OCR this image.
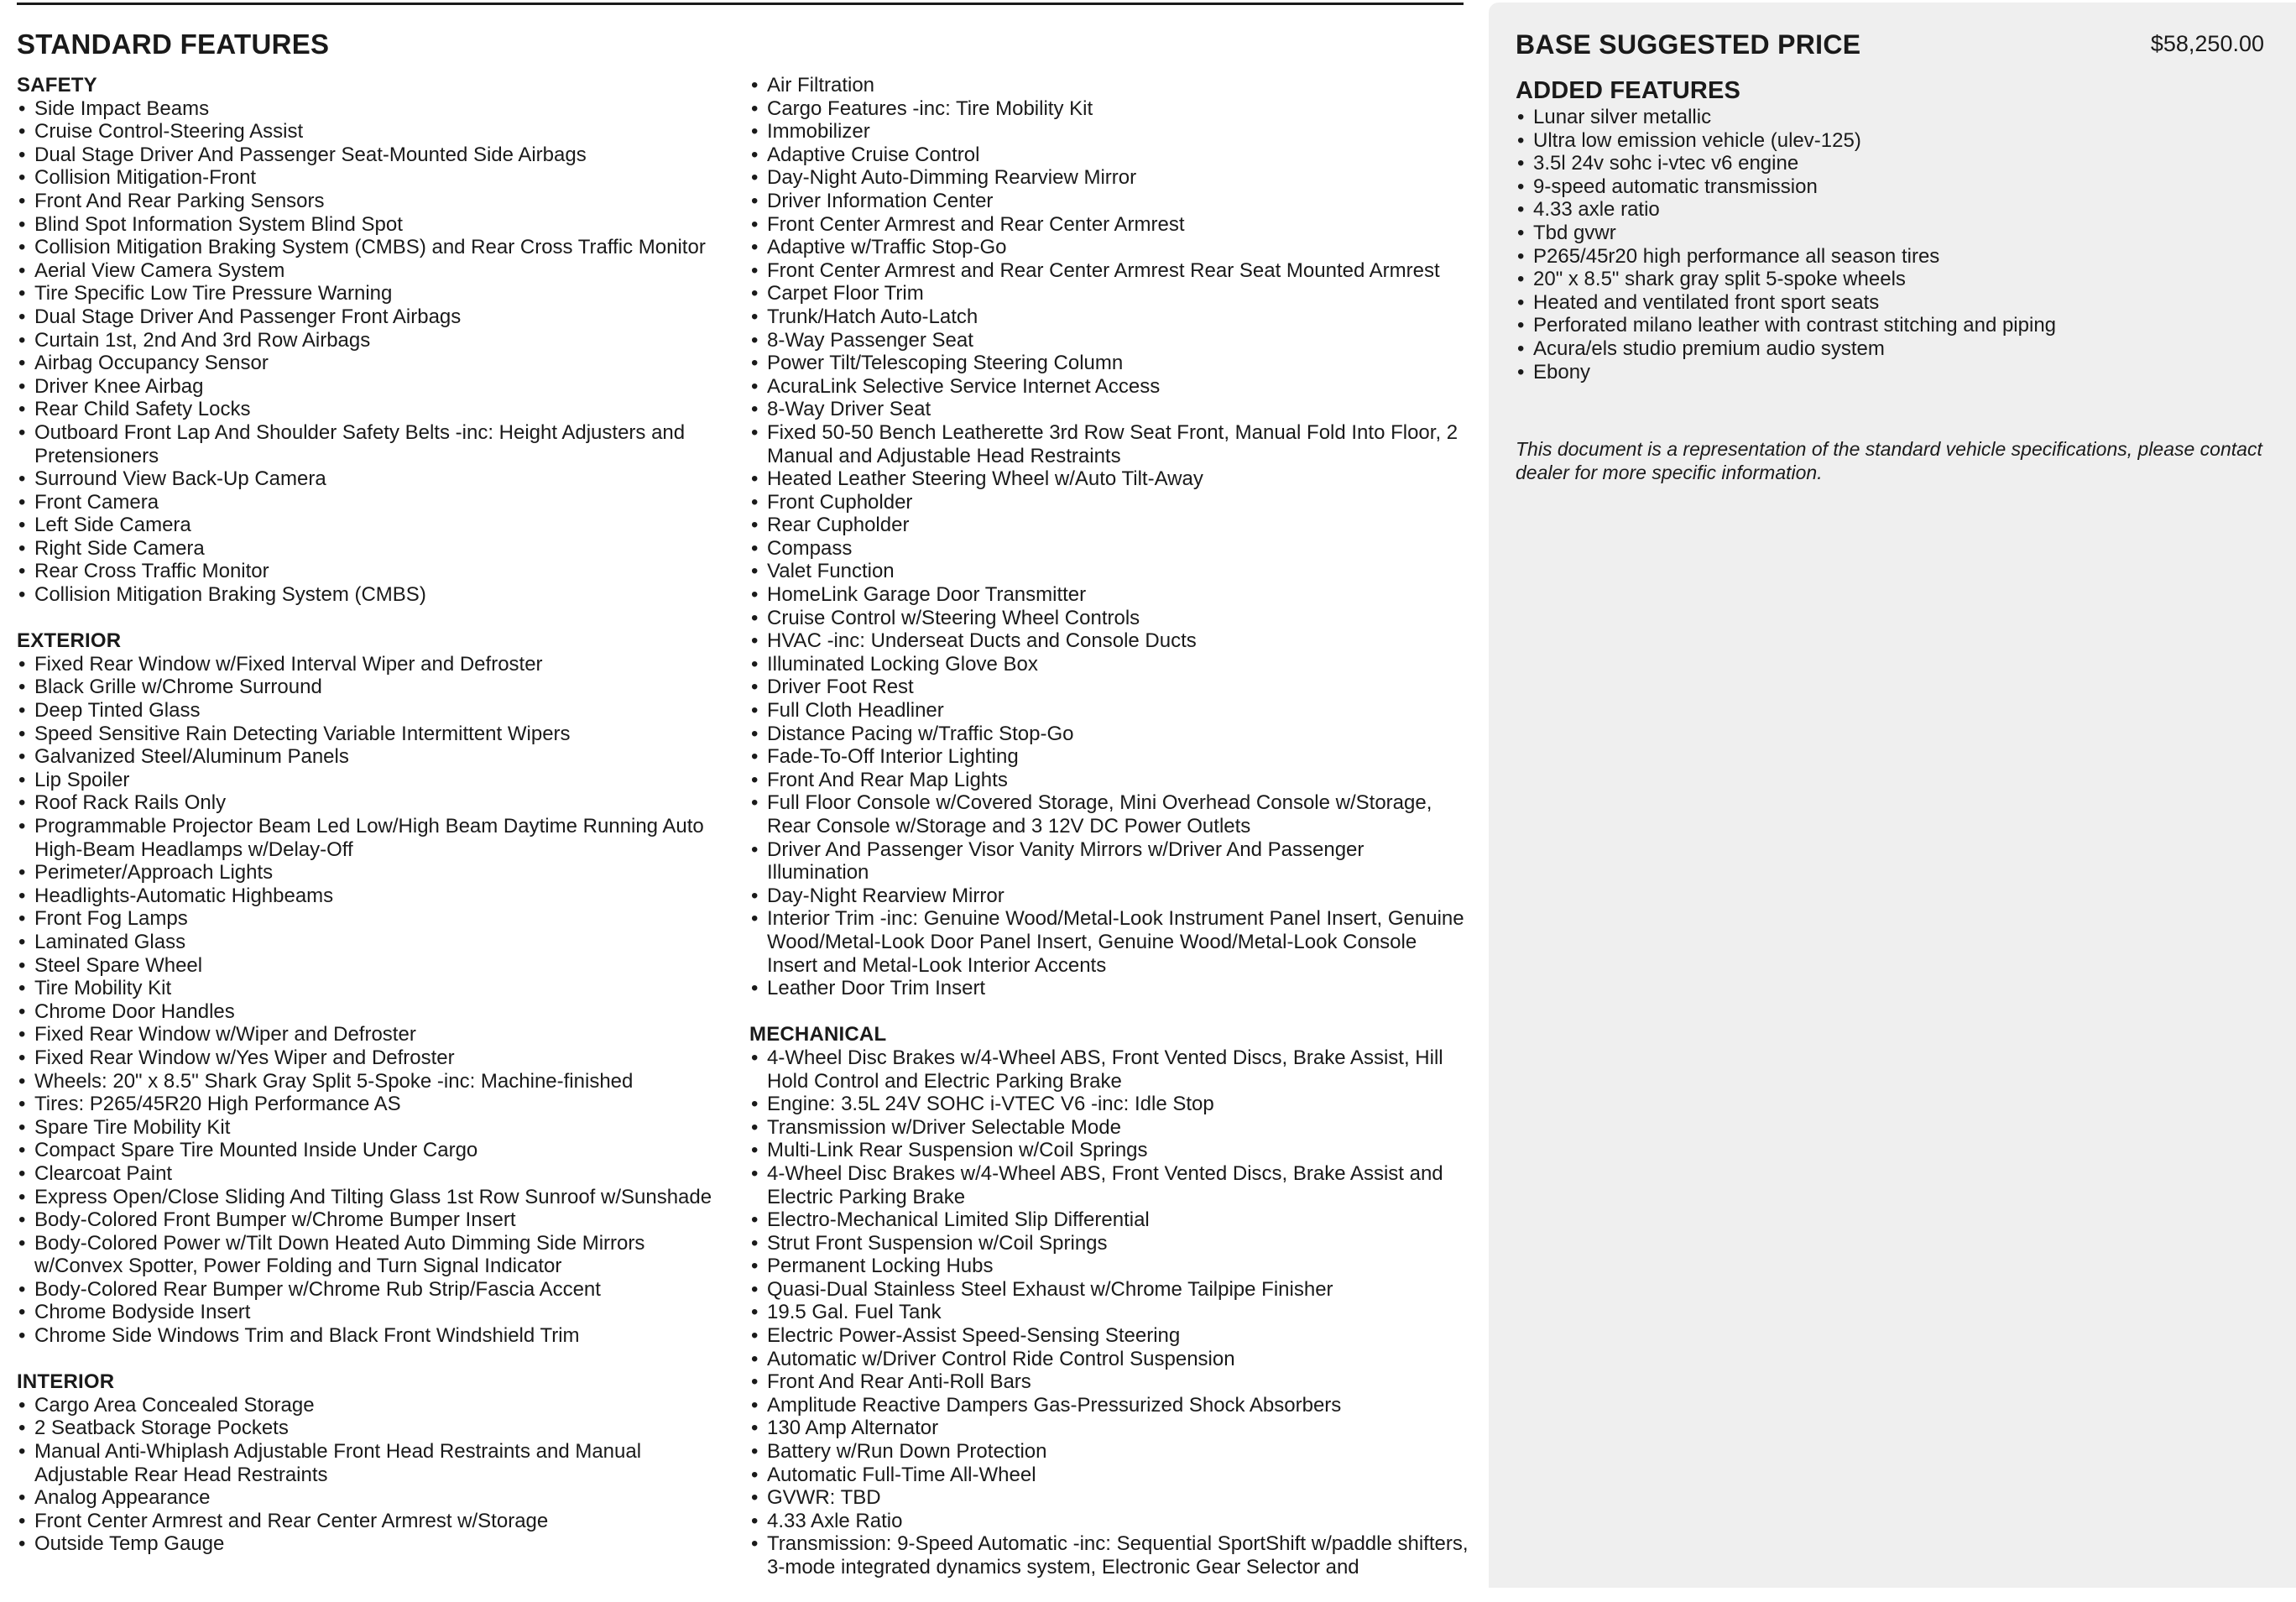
STANDARD FEATURES
SAFETY
• Side Impact Beams
• Cruise Control-Steering Assist
• Dual Stage Driver And Passenger Seat-Mounted Side Airbags
• Collision Mitigation-Front
• Front And Rear Parking Sensors
• Blind Spot Information System Blind Spot
• Collision Mitigation Braking System (CMBS) and Rear Cross Traffic Monitor
• Aerial View Camera System
• Tire Specific Low Tire Pressure Warning
• Dual Stage Driver And Passenger Front Airbags
• Curtain 1st, 2nd And 3rd Row Airbags
• Airbag Occupancy Sensor
• Driver Knee Airbag
• Rear Child Safety Locks
• Outboard Front Lap And Shoulder Safety Belts -inc: Height Adjusters and Pretensioners
• Surround View Back-Up Camera
• Front Camera
• Left Side Camera
• Right Side Camera
• Rear Cross Traffic Monitor
• Collision Mitigation Braking System (CMBS)
EXTERIOR
• Fixed Rear Window w/Fixed Interval Wiper and Defroster
• Black Grille w/Chrome Surround
• Deep Tinted Glass
• Speed Sensitive Rain Detecting Variable Intermittent Wipers
• Galvanized Steel/Aluminum Panels
• Lip Spoiler
• Roof Rack Rails Only
• Programmable Projector Beam Led Low/High Beam Daytime Running Auto High-Beam Headlamps w/Delay-Off
• Perimeter/Approach Lights
• Headlights-Automatic Highbeams
• Front Fog Lamps
• Laminated Glass
• Steel Spare Wheel
• Tire Mobility Kit
• Chrome Door Handles
• Fixed Rear Window w/Wiper and Defroster
• Fixed Rear Window w/Yes Wiper and Defroster
• Wheels: 20" x 8.5" Shark Gray Split 5-Spoke -inc: Machine-finished
• Tires: P265/45R20 High Performance AS
• Spare Tire Mobility Kit
• Compact Spare Tire Mounted Inside Under Cargo
• Clearcoat Paint
• Express Open/Close Sliding And Tilting Glass 1st Row Sunroof w/Sunshade
• Body-Colored Front Bumper w/Chrome Bumper Insert
• Body-Colored Power w/Tilt Down Heated Auto Dimming Side Mirrors w/Convex Spotter, Power Folding and Turn Signal Indicator
• Body-Colored Rear Bumper w/Chrome Rub Strip/Fascia Accent
• Chrome Bodyside Insert
• Chrome Side Windows Trim and Black Front Windshield Trim
INTERIOR
• Cargo Area Concealed Storage
• 2 Seatback Storage Pockets
• Manual Anti-Whiplash Adjustable Front Head Restraints and Manual Adjustable Rear Head Restraints
• Analog Appearance
• Front Center Armrest and Rear Center Armrest w/Storage
• Outside Temp Gauge
• Air Filtration
• Cargo Features -inc: Tire Mobility Kit
• Immobilizer
• Adaptive Cruise Control
• Day-Night Auto-Dimming Rearview Mirror
• Driver Information Center
• Front Center Armrest and Rear Center Armrest
• Adaptive w/Traffic Stop-Go
• Front Center Armrest and Rear Center Armrest Rear Seat Mounted Armrest
• Carpet Floor Trim
• Trunk/Hatch Auto-Latch
• 8-Way Passenger Seat
• Power Tilt/Telescoping Steering Column
• AcuraLink Selective Service Internet Access
• 8-Way Driver Seat
• Fixed 50-50 Bench Leatherette 3rd Row Seat Front, Manual Fold Into Floor, 2 Manual and Adjustable Head Restraints
• Heated Leather Steering Wheel w/Auto Tilt-Away
• Front Cupholder
• Rear Cupholder
• Compass
• Valet Function
• HomeLink Garage Door Transmitter
• Cruise Control w/Steering Wheel Controls
• HVAC -inc: Underseat Ducts and Console Ducts
• Illuminated Locking Glove Box
• Driver Foot Rest
• Full Cloth Headliner
• Distance Pacing w/Traffic Stop-Go
• Fade-To-Off Interior Lighting
• Front And Rear Map Lights
• Full Floor Console w/Covered Storage, Mini Overhead Console w/Storage, Rear Console w/Storage and 3 12V DC Power Outlets
• Driver And Passenger Visor Vanity Mirrors w/Driver And Passenger Illumination
• Day-Night Rearview Mirror
• Interior Trim -inc: Genuine Wood/Metal-Look Instrument Panel Insert, Genuine Wood/Metal-Look Door Panel Insert, Genuine Wood/Metal-Look Console Insert and Metal-Look Interior Accents
• Leather Door Trim Insert
MECHANICAL
• 4-Wheel Disc Brakes w/4-Wheel ABS, Front Vented Discs, Brake Assist, Hill Hold Control and Electric Parking Brake
• Engine: 3.5L 24V SOHC i-VTEC V6 -inc: Idle Stop
• Transmission w/Driver Selectable Mode
• Multi-Link Rear Suspension w/Coil Springs
• 4-Wheel Disc Brakes w/4-Wheel ABS, Front Vented Discs, Brake Assist and Electric Parking Brake
• Electro-Mechanical Limited Slip Differential
• Strut Front Suspension w/Coil Springs
• Permanent Locking Hubs
• Quasi-Dual Stainless Steel Exhaust w/Chrome Tailpipe Finisher
• 19.5 Gal. Fuel Tank
• Electric Power-Assist Speed-Sensing Steering
• Automatic w/Driver Control Ride Control Suspension
• Front And Rear Anti-Roll Bars
• Amplitude Reactive Dampers Gas-Pressurized Shock Absorbers
• 130 Amp Alternator
• Battery w/Run Down Protection
• Automatic Full-Time All-Wheel
• GVWR: TBD
• 4.33 Axle Ratio
• Transmission: 9-Speed Automatic -inc: Sequential SportShift w/paddle shifters, 3-mode integrated dynamics system, Electronic Gear Selector and
BASE SUGGESTED PRICE	$58,250.00
ADDED FEATURES
• Lunar silver metallic
• Ultra low emission vehicle (ulev-125)
• 3.5l 24v sohc i-vtec v6 engine
• 9-speed automatic transmission
• 4.33 axle ratio
• Tbd gvwr
• P265/45r20 high performance all season tires
• 20" x 8.5" shark gray split 5-spoke wheels
• Heated and ventilated front sport seats
• Perforated milano leather with contrast stitching and piping
• Acura/els studio premium audio system
• Ebony

This document is a representation of the standard vehicle specifications, please contact dealer for more specific information.
